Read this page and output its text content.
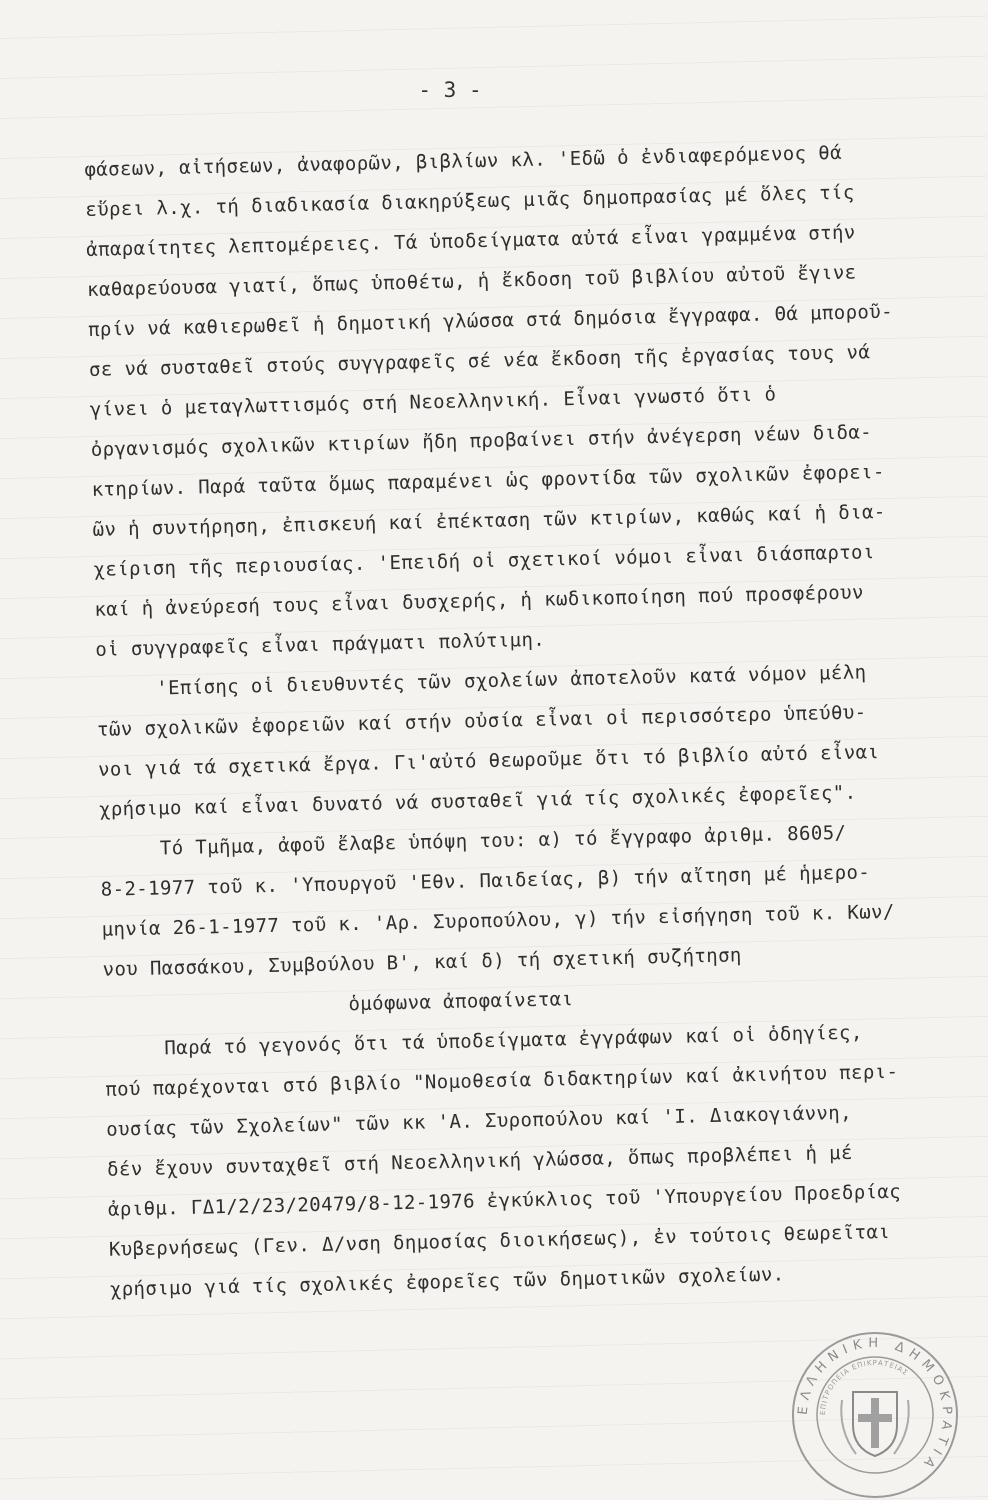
- 3 -
φάσεων, αἰτήσεων, ἀναφορῶν, βιβλίων κλ. 'Εδῶ ὁ ἐνδιαφερόμενος θά
εὕρει λ.χ. τή διαδικασία διακηρύξεως μιᾶς δημοπρασίας μέ ὅλες τίς
ἀπαραίτητες λεπτομέρειες. Τά ὑποδείγματα αὐτά εἶναι γραμμένα στήν
καθαρεύουσα γιατί, ὅπως ὑποθέτω, ἡ ἔκδοση τοῦ βιβλίου αὐτοῦ ἔγινε
πρίν νά καθιερωθεῖ ἡ δημοτική γλώσσα στά δημόσια ἔγγραφα. Θά μποροῦ-
σε νά συσταθεῖ στούς συγγραφεῖς σέ νέα ἔκδοση τῆς ἐργασίας τους νά
γίνει ὁ μεταγλωττισμός στή Νεοελληνική. Εἶναι γνωστό ὅτι ὁ
ὀργανισμός σχολικῶν κτιρίων ἤδη προβαίνει στήν ἀνέγερση νέων διδα-
κτηρίων. Παρά ταῦτα ὅμως παραμένει ὡς φροντίδα τῶν σχολικῶν ἐφορει-
ῶν ἡ συντήρηση, ἐπισκευή καί ἐπέκταση τῶν κτιρίων, καθώς καί ἡ δια-
χείριση τῆς περιουσίας. 'Επειδή οἱ σχετικοί νόμοι εἶναι διάσπαρτοι
καί ἡ ἀνεύρεσή τους εἶναι δυσχερής, ἡ κωδικοποίηση πού προσφέρουν
οἱ συγγραφεῖς εἶναι πράγματι πολύτιμη.
'Επίσης οἱ διευθυντές τῶν σχολείων ἀποτελοῦν κατά νόμον μέλη
τῶν σχολικῶν ἐφορειῶν καί στήν οὐσία εἶναι οἱ περισσότερο ὑπεύθυ-
νοι γιά τά σχετικά ἔργα. Γι'αὐτό θεωροῦμε ὅτι τό βιβλίο αὐτό εἶναι
χρήσιμο καί εἶναι δυνατό νά συσταθεῖ γιά τίς σχολικές ἐφορεῖες".
Τό Τμῆμα, ἀφοῦ ἔλαβε ὑπόψη του: α) τό ἔγγραφο ἀριθμ. 8605/
8-2-1977 τοῦ κ. 'Υπουργοῦ 'Εθν. Παιδείας, β) τήν αἴτηση μέ ἡμερο-
μηνία 26-1-1977 τοῦ κ. 'Αρ. Συροπούλου, γ) τήν εἰσήγηση τοῦ κ. Κων/
νου Πασσάκου, Συμβούλου Β', καί δ) τή σχετική συζήτηση
ὁμόφωνα ἀποφαίνεται
Παρά τό γεγονός ὅτι τά ὑποδείγματα ἐγγράφων καί οἱ ὁδηγίες,
πού παρέχονται στό βιβλίο "Νομοθεσία διδακτηρίων καί ἀκινήτου περι-
ουσίας τῶν Σχολείων" τῶν κκ 'Α. Συροπούλου καί 'Ι. Διακογιάννη,
δέν ἔχουν συνταχθεῖ στή Νεοελληνική γλώσσα, ὅπως προβλέπει ἡ μέ
ἀριθμ. ΓΔ1/2/23/20479/8-12-1976 ἐγκύκλιος τοῦ 'Υπουργείου Προεδρίας
Κυβερνήσεως (Γεν. Δ/νση δημοσίας διοικήσεως), ἐν τούτοις θεωρεῖται
χρήσιμο γιά τίς σχολικές ἐφορεῖες τῶν δημοτικῶν σχολείων.
ΕΛΛΗΝΙΚΗ ΔΗΜΟΚΡΑΤΙΑ
ΕΠΙΤΡΟΠΕΙΑ ΕΠΙΚΡΑΤΕΙΑΣ
